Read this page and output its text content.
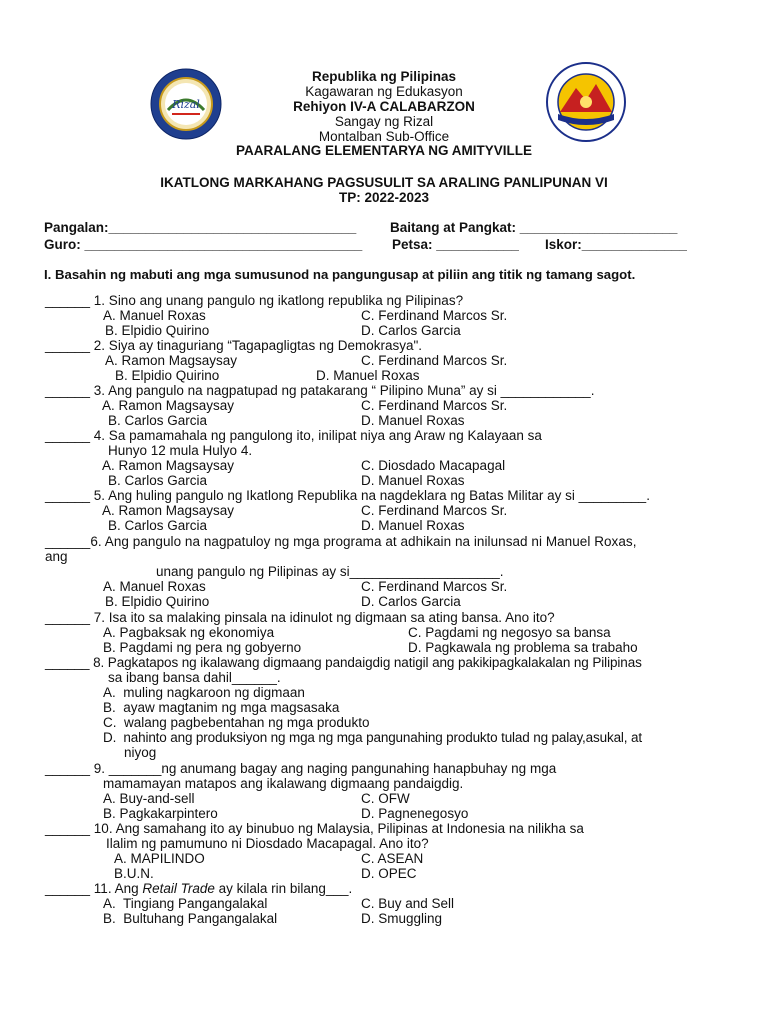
Rizal
Republika ng Pilipinas
Kagawaran ng Edukasyon
Rehiyon IV-A CALABARZON
Sangay ng Rizal
Montalban Sub-Office
PAARALANG ELEMENTARYA NG AMITYVILLE
IKATLONG MARKAHANG PAGSUSULIT SA ARALING PANLIPUNAN VI
TP: 2022-2023
Pangalan:_________________________________ Baitang at Pangkat: _____________________
Guro: _____________________________________ Petsa: ___________ Iskor:______________
I. Basahin ng mabuti ang mga sumusunod na pangungusap at piliin ang titik ng tamang sagot.
______ 1. Sino ang unang pangulo ng ikatlong republika ng Pilipinas?
A. Manuel Roxas	C. Ferdinand Marcos Sr.
B. Elpidio Quirino	D. Carlos Garcia
______ 2. Siya ay tinaguriang “Tagapagligtas ng Demokrasya".
A. Ramon Magsaysay	C. Ferdinand Marcos Sr.
B. Elpidio Quirino	D. Manuel Roxas
______ 3. Ang pangulo na nagpatupad ng patakarang “ Pilipino Muna” ay si ____________.
A. Ramon Magsaysay	C. Ferdinand Marcos Sr.
B. Carlos Garcia	D. Manuel Roxas
______ 4. Sa pamamahala ng pangulong ito, inilipat niya ang Araw ng Kalayaan sa
Hunyo 12 mula Hulyo 4.
A. Ramon Magsaysay	C. Diosdado Macapagal
B. Carlos Garcia	D. Manuel Roxas
______ 5. Ang huling pangulo ng Ikatlong Republika na nagdeklara ng Batas Militar ay si _________.
A. Ramon Magsaysay	C. Ferdinand Marcos Sr.
B. Carlos Garcia	D. Manuel Roxas
______6. Ang pangulo na nagpatuloy ng mga programa at adhikain na inilunsad ni Manuel Roxas,
ang
unang pangulo ng Pilipinas ay si____________________.
A. Manuel Roxas	C. Ferdinand Marcos Sr.
B. Elpidio Quirino	D. Carlos Garcia
______ 7. Isa ito sa malaking pinsala na idinulot ng digmaan sa ating bansa. Ano ito?
A. Pagbaksak ng ekonomiya	C. Pagdami ng negosyo sa bansa
B. Pagdami ng pera ng gobyerno	D. Pagkawala ng problema sa trabaho
______ 8. Pagkatapos ng ikalawang digmaang pandaigdig natigil ang pakikipagkalakalan ng Pilipinas
sa ibang bansa dahil______.
A.  muling nagkaroon ng digmaan
B.  ayaw magtanim ng mga magsasaka
C.  walang pagbebentahan ng mga produkto
D.  nahinto ang produksiyon ng mga ng mga pangunahing produkto tulad ng palay,asukal, at
niyog
______ 9. _______ng anumang bagay ang naging pangunahing hanapbuhay ng mga
mamamayan matapos ang ikalawang digmaang pandaigdig.
A. Buy-and-sell	C. OFW
B. Pagkakarpintero	D. Pagnenegosyo
______ 10. Ang samahang ito ay binubuo ng Malaysia, Pilipinas at Indonesia na nilikha sa
Ilalim ng pamumuno ni Diosdado Macapagal. Ano ito?
A. MAPILINDO	C. ASEAN
B.U.N.	D. OPEC
______ 11. Ang Retail Trade ay kilala rin bilang___.
A.  Tingiang Pangangalakal	C. Buy and Sell
B.  Bultuhang Pangangalakal	D. Smuggling
